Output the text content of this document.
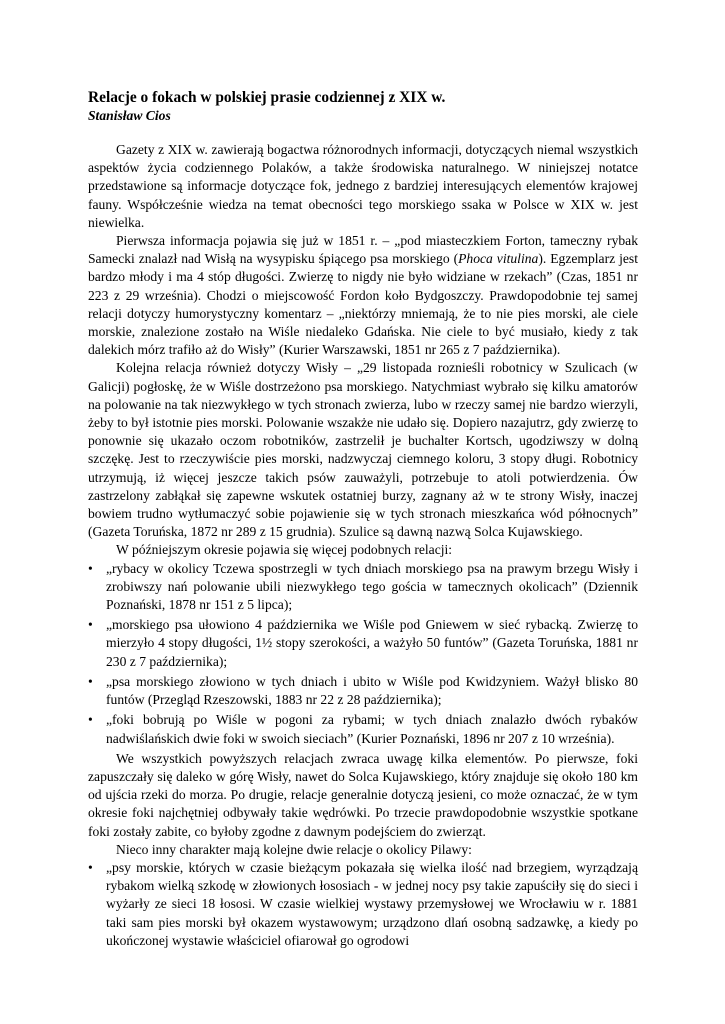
Relacje o fokach w polskiej prasie codziennej z XIX w.
Stanisław Cios

Gazety z XIX w. zawierają bogactwa różnorodnych informacji, dotyczących niemal wszystkich aspektów życia codziennego Polaków, a także środowiska naturalnego. W niniejszej notatce przedstawione są informacje dotyczące fok, jednego z bardziej interesujących elementów krajowej fauny. Współcześnie wiedza na temat obecności tego morskiego ssaka w Polsce w XIX w. jest niewielka.

Pierwsza informacja pojawia się już w 1851 r. – „pod miasteczkiem Forton, tameczny rybak Samecki znalazł nad Wisłą na wysypisku śpiącego psa morskiego (Phoca vitulina). Egzemplarz jest bardzo młody i ma 4 stóp długości. Zwierzę to nigdy nie było widziane w rzekach” (Czas, 1851 nr 223 z 29 września). Chodzi o miejscowość Fordon koło Bydgoszczy. Prawdopodobnie tej samej relacji dotyczy humorystyczny komentarz – „niektórzy mniemają, że to nie pies morski, ale ciele morskie, znalezione zostało na Wiśle niedaleko Gdańska. Nie ciele to być musiało, kiedy z tak dalekich mórz trafiło aż do Wisły” (Kurier Warszawski, 1851 nr 265 z 7 października).

Kolejna relacja również dotyczy Wisły – „29 listopada roznieśli robotnicy w Szulicach (w Galicji) pogłoskę, że w Wiśle dostrzeżono psa morskiego. Natychmiast wybrało się kilku amatorów na polowanie na tak niezwykłego w tych stronach zwierza, lubo w rzeczy samej nie bardzo wierzyli, żeby to był istotnie pies morski. Polowanie wszakże nie udało się. Dopiero nazajutrz, gdy zwierzę to ponownie się ukazało oczom robotników, zastrzelił je buchalter Kortsch, ugodziwszy w dolną szczękę. Jest to rzeczywiście pies morski, nadzwyczaj ciemnego koloru, 3 stopy długi. Robotnicy utrzymują, iż więcej jeszcze takich psów zauważyli, potrzebuje to atoli potwierdzenia. Ów zastrzelony zabłąkał się zapewne wskutek ostatniej burzy, zagnany aż w te strony Wisły, inaczej bowiem trudno wytłumaczyć sobie pojawienie się w tych stronach mieszkańca wód północnych” (Gazeta Toruńska, 1872 nr 289 z 15 grudnia). Szulice są dawną nazwą Solca Kujawskiego.

W późniejszym okresie pojawia się więcej podobnych relacji:

• „rybacy w okolicy Tczewa spostrzegli w tych dniach morskiego psa na prawym brzegu Wisły i zrobiwszy nań polowanie ubili niezwykłego tego gościa w tamecznych okolicach” (Dziennik Poznański, 1878 nr 151 z 5 lipca);
• „morskiego psa ułowiono 4 października we Wiśle pod Gniewem w sieć rybacką. Zwierzę to mierzyło 4 stopy długości, 1½ stopy szerokości, a ważyło 50 funtów” (Gazeta Toruńska, 1881 nr 230 z 7 października);
• „psa morskiego złowiono w tych dniach i ubito w Wiśle pod Kwidzyniem. Ważył blisko 80 funtów (Przegląd Rzeszowski, 1883 nr 22 z 28 października);
• „foki bobrują po Wiśle w pogoni za rybami; w tych dniach znalazło dwóch rybaków nadwiślańskich dwie foki w swoich sieciach” (Kurier Poznański, 1896 nr 207 z 10 września).

We wszystkich powyższych relacjach zwraca uwagę kilka elementów. Po pierwsze, foki zapuszczały się daleko w górę Wisły, nawet do Solca Kujawskiego, który znajduje się około 180 km od ujścia rzeki do morza. Po drugie, relacje generalnie dotyczą jesieni, co może oznaczać, że w tym okresie foki najchętniej odbywały takie wędrówki. Po trzecie prawdopodobnie wszystkie spotkane foki zostały zabite, co byłoby zgodne z dawnym podejściem do zwierząt.

Nieco inny charakter mają kolejne dwie relacje o okolicy Pilawy:

• „psy morskie, których w czasie bieżącym pokazała się wielka ilość nad brzegiem, wyrządzają rybakom wielką szkodę w złowionych łososiach - w jednej nocy psy takie zapuściły się do sieci i wyżarły ze sieci 18 łososi. W czasie wielkiej wystawy przemysłowej we Wrocławiu w r. 1881 taki sam pies morski był okazem wystawowym; urządzono dlań osobną sadzawkę, a kiedy po ukończonej wystawie właściciel ofiarował go ogrodowi
